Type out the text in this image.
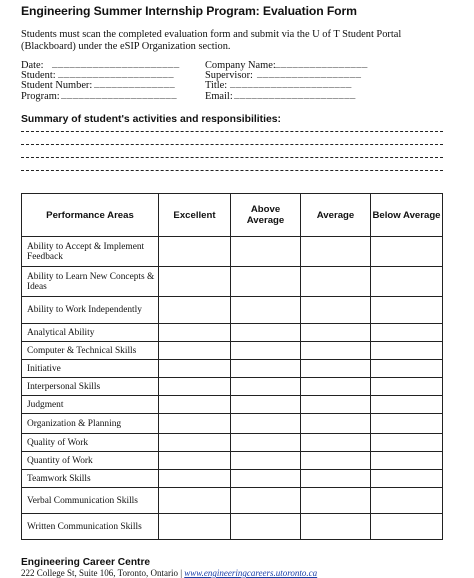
Engineering Summer Internship Program: Evaluation Form
Students must scan the completed evaluation form and submit via the U of T Student Portal (Blackboard) under the eSIP Organization section.
Date: ______________________
Student: ____________________
Student Number: ______________
Program: ____________________
Company Name: ________________
Supervisor: __________________
Title: _____________________
Email: _____________________
Summary of student's activities and responsibilities:
Performance Areas	Excellent	Above Average	Average	Below Average
Ability to Accept & Implement Feedback				
Ability to Learn New Concepts & Ideas				
Ability to Work Independently				
Analytical Ability				
Computer & Technical Skills				
Initiative				
Interpersonal Skills				
Judgment				
Organization & Planning				
Quality of Work				
Quantity of Work				
Teamwork Skills				
Verbal Communication Skills				
Written Communication Skills				
Engineering Career Centre
222 College St, Suite 106, Toronto, Ontario | www.engineeringcareers.utoronto.ca
